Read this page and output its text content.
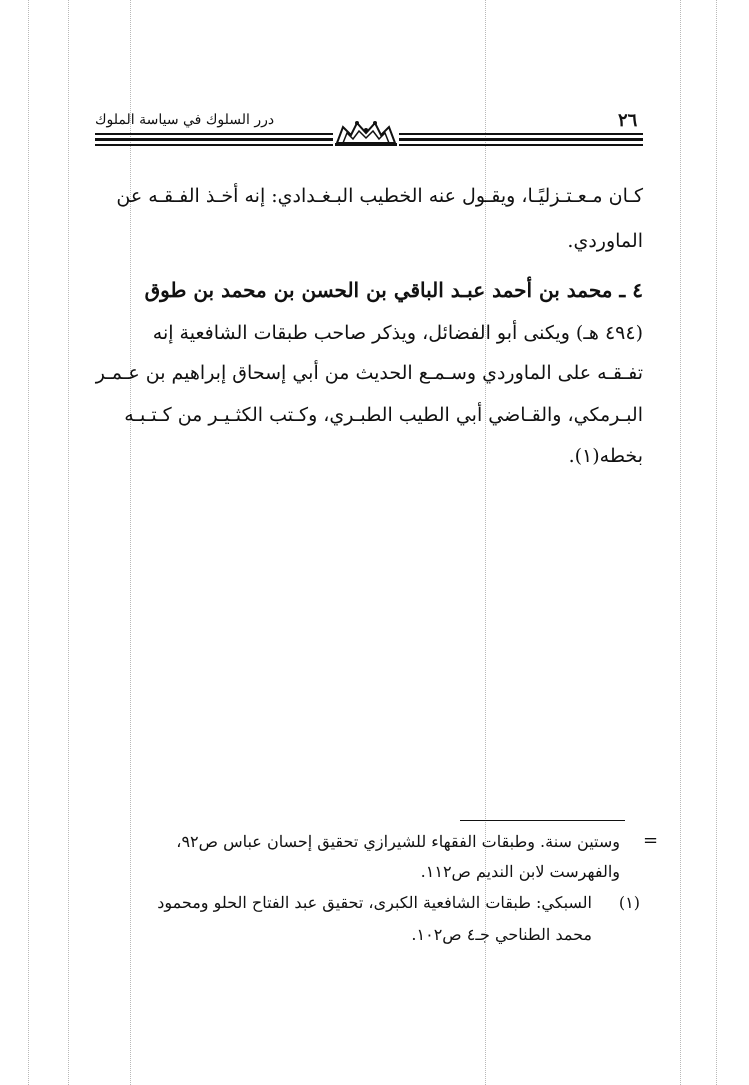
درر السلوك في سياسة الملوك	٢٦
كـان مـعـتـزليًـا، ويقـول عنه الخطيب البـغـدادي: إنه أخـذ الفـقـه عن
الماوردي.
٤ ـ محمد بن أحمد عبـد الباقي بن الحسن بن محمد بن طوق
(٤٩٤ هـ) ويكنى أبو الفضائل، ويذكر صاحب طبقات الشافعية إنه
تفـقـه على الماوردي وسـمـع الحديث من أبي إسحاق إبراهيم بن عـمـر
البـرمكي، والقـاضي أبي الطيب الطبـري، وكـتب الكثـيـر من كـتـبـه
بخطه(١).
=
وستين سنة. وطبقات الفقهاء للشيرازي تحقيق إحسان عباس ص٩٢،
والفهرست لابن النديم ص١١٢.
(١)
السبكي: طبقات الشافعية الكبرى، تحقيق عبد الفتاح الحلو ومحمود
محمد الطناحي جـ٤ ص١٠٢.
